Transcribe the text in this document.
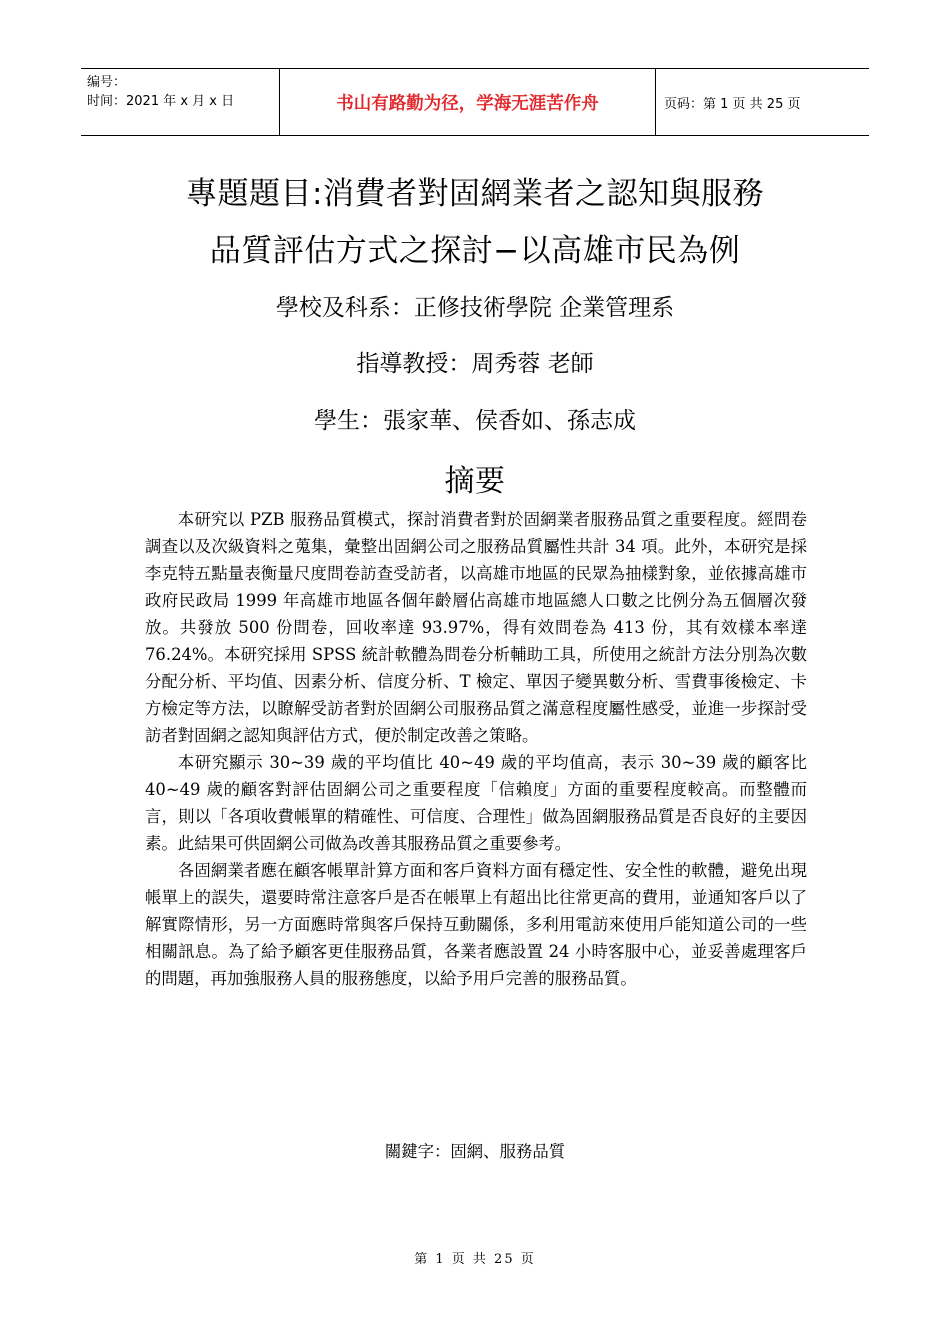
编号：
时间：2021 年 x 月 x 日	书山有路勤为径，学海无涯苦作舟	页码：第 1 页 共 25 页
專題題目:消費者對固網業者之認知與服務
品質評估方式之探討−以高雄市民為例
學校及科系：正修技術學院 企業管理系
指導教授：周秀蓉 老師
學生：張家華、侯香如、孫志成
摘要

本研究以 PZB 服務品質模式，探討消費者對於固網業者服務品質之重要程度。經問卷調查以及次級資料之蒐集，彙整出固網公司之服務品質屬性共計 34 項。此外，本研究是採李克特五點量表衡量尺度問卷訪查受訪者，以高雄市地區的民眾為抽樣對象，並依據高雄市政府民政局 1999 年高雄市地區各個年齡層佔高雄市地區總人口數之比例分為五個層次發放。共發放 500 份問卷，回收率達 93.97%，得有效問卷為 413 份，其有效樣本率達 76.24%。本研究採用 SPSS 統計軟體為問卷分析輔助工具，所使用之統計方法分別為次數分配分析、平均值、因素分析、信度分析、T 檢定、單因子變異數分析、雪費事後檢定、卡方檢定等方法，以瞭解受訪者對於固網公司服務品質之滿意程度屬性感受，並進一步探討受訪者對固網之認知與評估方式，便於制定改善之策略。

本研究顯示 30~39 歲的平均值比 40~49 歲的平均值高，表示 30~39 歲的顧客比 40~49 歲的顧客對評估固網公司之重要程度「信賴度」方面的重要程度較高。而整體而言，則以「各項收費帳單的精確性、可信度、合理性」做為固網服務品質是否良好的主要因素。此結果可供固網公司做為改善其服務品質之重要參考。

各固網業者應在顧客帳單計算方面和客戶資料方面有穩定性、安全性的軟體，避免出現帳單上的誤失，還要時常注意客戶是否在帳單上有超出比往常更高的費用，並通知客戶以了解實際情形，另一方面應時常與客戶保持互動關係，多利用電訪來使用戶能知道公司的一些相關訊息。為了給予顧客更佳服務品質，各業者應設置 24 小時客服中心，並妥善處理客戶的問題，再加強服務人員的服務態度，以給予用戶完善的服務品質。

關鍵字：固網、服務品質
第 1 页 共 25 页
